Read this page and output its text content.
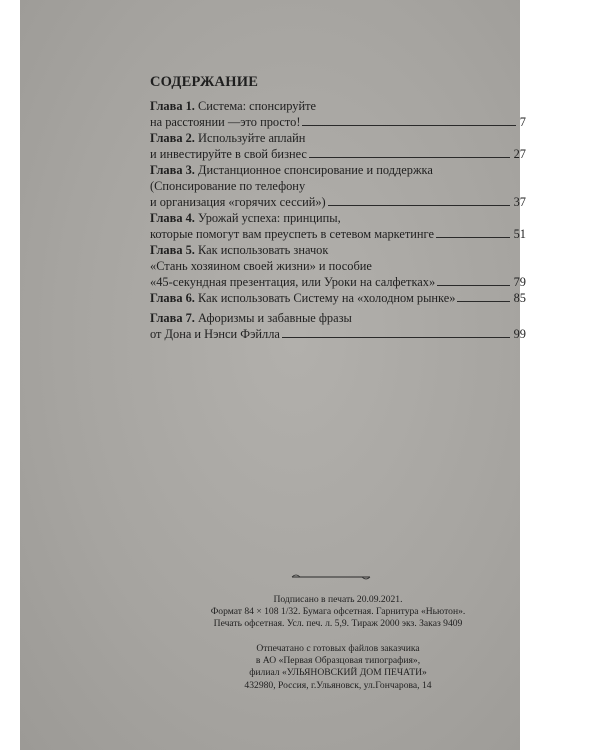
СОДЕРЖАНИЕ
Глава 1. Система: спонсируйте
на расстоянии —это просто!	7
Глава 2. Используйте аплайн
и инвестируйте в свой бизнес	27
Глава 3. Дистанционное спонсирование и поддержка
(Спонсирование по телефону
и организация «горячих сессий»)	37
Глава 4. Урожай успеха: принципы,
которые помогут вам преуспеть в сетевом маркетинге	51
Глава 5. Как использовать значок
«Стань хозяином своей жизни» и пособие
«45-секундная презентация, или Уроки на салфетках»	79
Глава 6. Как использовать Систему на «холодном рынке»	85
Глава 7. Афоризмы и забавные фразы
от Дона и Нэнси Фэйлла	99
Подписано в печать 20.09.2021.
Формат 84 × 108 1/32. Бумага офсетная. Гарнитура «Ньютон».
Печать офсетная. Усл. печ. л. 5,9. Тираж 2000 экз. Заказ 9409
Отпечатано с готовых файлов заказчика
в АО «Первая Образцовая типография»,
филиал «УЛЬЯНОВСКИЙ ДОМ ПЕЧАТИ»
432980, Россия, г.Ульяновск, ул.Гончарова, 14
